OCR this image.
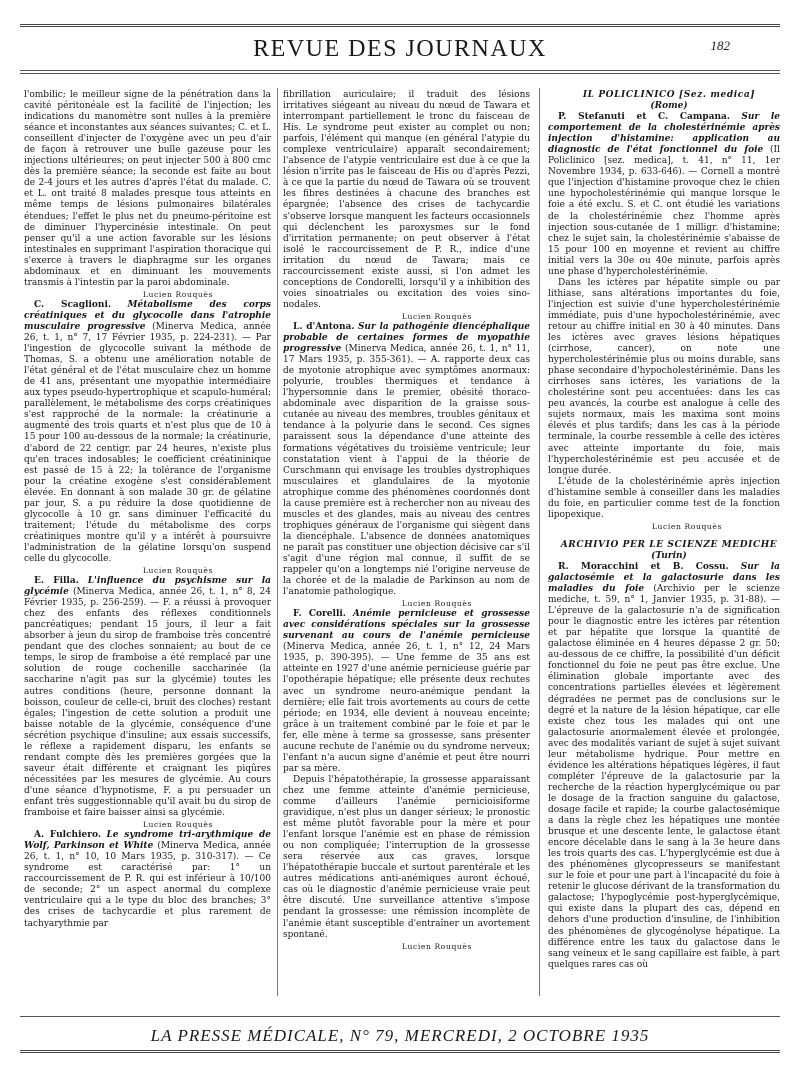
REVUE DES JOURNAUX	182

l'ombilic; le meilleur signe de la pénétration dans la cavité péritonéale est la facilité de l'injection; les indications du manomètre sont nulles à la première séance et inconstantes aux séances suivantes; C. et L. conseillent d'injecter de l'oxygène avec un peu d'air de façon à retrouver une bulle gazeuse pour les injections ultérieures; on peut injecter 500 à 800 cmc dès la première séance; la seconde est faite au bout de 2-4 jours et les autres d'après l'état du malade. C. et L. ont traité 8 malades presque tous atteints en même temps de lésions pulmonaires bilatérales étendues; l'effet le plus net du pneumo-péritoine est de diminuer l'hypercinésie intestinale. On peut penser qu'il a une action favorable sur les lésions intestinales en supprimant l'aspiration thoracique qui s'exerce à travers le diaphragme sur les organes abdominaux et en diminuant les mouvements transmis à l'intestin par la paroi abdominale.

Lucien Rouquès

C. Scaglioni. Métabolisme des corps créatiniques et du glycocolle dans l'atrophie musculaire progressive (Minerva Medica, année 26, t. 1, n° 7, 17 Février 1935, p. 224-231). — Par l'ingestion de glycocolle suivant la méthode de Thomas, S. a obtenu une amélioration notable de l'état général et de l'état musculaire chez un homme de 41 ans, présentant une myopathie intermédiaire aux types pseudo-hypertrophique et scapulo-huméral; parallèlement, le métabolisme des corps créatiniques s'est rapproché de la normale: la créatinurie a augmenté des trois quarts et n'est plus que de 10 à 15 pour 100 au-dessous de la normale; la créatinurie, d'abord de 22 centigr. par 24 heures, n'existe plus qu'en traces indosables; le coefficient créatininique est passé de 15 à 22; la tolérance de l'organisme pour la créatine exogène s'est considérablement élevée. En donnant à son malade 30 gr. de gélatine par jour, S. a pu réduire la dose quotidienne de glycocolle à 10 gr. sans diminuer l'efficacité du traitement; l'étude du métabolisme des corps créatiniques montre qu'il y a intérêt à poursuivre l'administration de la gélatine lorsqu'on suspend celle du glycocolle.

Lucien Rouquès

E. Filla. L'influence du psychisme sur la glycémie (Minerva Medica, année 26, t. 1, n° 8, 24 Février 1935, p. 256-259). — F. a réussi à provoquer chez des enfants des réflexes conditionnels pancréatiques; pendant 15 jours, il leur a fait absorber à jeun du sirop de framboise très concentré pendant que des cloches sonnaient; au bout de ce temps, le sirop de framboise a été remplacé par une solution de rouge cochenille saccharinée (la saccharine n'agit pas sur la glycémie) toutes les autres conditions (heure, personne donnant la boisson, couleur de celle-ci, bruit des cloches) restant égales; l'ingestion de cette solution a produit une baisse notable de la glycémie, conséquence d'une sécrétion psychique d'insuline; aux essais successifs, le réflexe a rapidement disparu, les enfants se rendant compte dès les premières gorgées que la saveur était différente et craignant les piqûres nécessitées par les mesures de glycémie. Au cours d'une séance d'hypnotisme, F. a pu persuader un enfant très suggestionnable qu'il avait bu du sirop de framboise et faire baisser ainsi sa glycémie.

Lucien Rouquès

A. Fulchiero. Le syndrome tri-arythmique de Wolf, Parkinson et White (Minerva Medica, année 26, t. 1, n° 10, 10 Mars 1935, p. 310-317). — Ce syndrome est caractérisé par: 1° un raccourcissement de P. R. qui est inférieur à 10/100 de seconde; 2° un aspect anormal du complexe ventriculaire qui a le type du bloc des branches; 3° des crises de tachycardie et plus rarement de tachyarythmie par

fibrillation auriculaire; il traduit des lésions irritatives siégeant au niveau du nœud de Tawara et interrompant partiellement le tronc du faisceau de His. Le syndrome peut exister au complet ou non; parfois, l'élément qui manque (en général l'atypie du complexe ventriculaire) apparaît secondairement; l'absence de l'atypie ventriculaire est due à ce que la lésion n'irrite pas le faisceau de His ou d'après Pezzi, à ce que la partie du nœud de Tawara où se trouvent les fibres destinées à chacune des branches est épargnée; l'absence des crises de tachycardie s'observe lorsque manquent les facteurs occasionnels qui déclenchent les paroxysmes sur le fond d'irritation permanente; on peut observer à l'état isolé le raccourcissement de P. R., indice d'une irritation du nœud de Tawara; mais ce raccourcissement existe aussi, si l'on admet les conceptions de Condorelli, lorsqu'il y a inhibition des voies sinoatriales ou excitation des voies sino-nodales.

Lucien Rouquès

L. d'Antona. Sur la pathogénie diencéphalique probable de certaines formes de myopathie progressive (Minerva Medica, année 26, t. 1, n° 11, 17 Mars 1935, p. 355-361). — A. rapporte deux cas de myotonie atrophique avec symptômes anormaux: polyurie, troubles thermiques et tendance à l'hypersomnie dans le premier, obésité thoraco-abdominale avec disparition de la graisse sous-cutanée au niveau des membres, troubles génitaux et tendance à la polyurie dans le second. Ces signes paraissent sous la dépendance d'une atteinte des formations végétatives du troisième ventricule; leur constatation vient à l'appui de la théorie de Curschmann qui envisage les troubles dystrophiques musculaires et glandulaires de la myotonie atrophique comme des phénomènes coordonnés dont la cause première est à rechercher non au niveau des muscles et des glandes, mais au niveau des centres trophiques généraux de l'organisme qui siègent dans la diencéphale. L'absence de données anatomiques ne paraît pas constituer une objection décisive car s'il s'agit d'une région mal connue, il suffit de se rappeler qu'on a longtemps nié l'origine nerveuse de la chorée et de la maladie de Parkinson au nom de l'anatomie pathologique.

Lucien Rouquès

F. Corelli. Anémie pernicieuse et grossesse avec considérations spéciales sur la grossesse survenant au cours de l'anémie pernicieuse (Minerva Medica, année 26, t. 1, n° 12, 24 Mars 1935, p. 390-395). — Une femme de 35 ans est atteinte en 1927 d'une anémie pernicieuse guérie par l'opothérapie hépatique; elle présente deux rechutes avec un syndrome neuro-anémique pendant la dernière; elle fait trois avortements au cours de cette période; en 1934, elle devient à nouveau enceinte; grâce à un traitement combiné par le foie et par le fer, elle mène à terme sa grossesse, sans présenter aucune rechute de l'anémie ou du syndrome nerveux; l'enfant n'a aucun signe d'anémie et peut être nourri par sa mère.

Depuis l'hépatothérapie, la grossesse apparaissant chez une femme atteinte d'anémie pernicieuse, comme d'ailleurs l'anémie pernicioisiforme gravidique, n'est plus un danger sérieux; le pronostic est même plutôt favorable pour la mère et pour l'enfant lorsque l'anémie est en phase de rémission ou non compliquée; l'interruption de la grossesse sera réservée aux cas graves, lorsque l'hépatothérapie buccale et surtout parentérale et les autres médications anti-anémiques auront échoué, cas où le diagnostic d'anémie pernicieuse vraie peut être discuté. Une surveillance attentive s'impose pendant la grossesse: une rémission incomplète de l'anémie étant susceptible d'entraîner un avortement spontané.

Lucien Rouquès

IL POLICLINICO [Sez. medica]

(Rome)

P. Stefanuti et C. Campana. Sur le comportement de la cholestérinémie après injection d'histamine: application au diagnostic de l'état fonctionnel du foie (Il Policlinico [sez. medica], t. 41, n° 11, 1er Novembre 1934, p. 633-646). — Cornell a montré que l'injection d'histamine provoque chez le chien une hypocholestérinémie qui manque lorsque le foie a été exclu. S. et C. ont étudié les variations de la cholestérinémie chez l'homme après injection sous-cutanée de 1 milligr. d'histamine; chez le sujet sain, la cholestérinémie s'abaisse de 15 pour 100 en moyenne et revient au chiffre initial vers la 30e ou 40e minute, parfois après une phase d'hypercholestérinémie.

Dans les ictères par hépatite simple ou par lithiase, sans altérations importantes du foie, l'injection est suivie d'une hypercholestérinémie immédiate, puis d'une hypocholestérinémie, avec retour au chiffre initial en 30 à 40 minutes. Dans les ictères avec graves lésions hépatiques (cirrhose, cancer), on note une hypercholestérinémie plus ou moins durable, sans phase secondaire d'hypocholestérinémie. Dans les cirrhoses sans ictères, les variations de la cholestérine sont peu accentuées: dans les cas peu avancés, la courbe est analogue à celle des sujets normaux, mais les maxima sont moins élevés et plus tardifs; dans les cas à la période terminale, la courbe ressemble à celle des ictères avec atteinte importante du foie, mais l'hypercholestérinémie est peu accusée et de longue durée.

L'étude de la cholestérinémie après injection d'histamine semble à conseiller dans les maladies du foie, en particulier comme test de la fonction lipopexique.

Lucien Rouquès

ARCHIVIO PER LE SCIENZE MEDICHE

(Turin)

R. Moracchini et B. Cossu. Sur la galactosémie et la galactosurie dans les maladies du foie (Archivio per le scienze mediche, t. 59, n° 1, Janvier 1935, p. 31-88). — L'épreuve de la galactosurie n'a de signification pour le diagnostic entre les ictères par rétention et par hépatite que lorsque la quantité de galactose éliminée en 4 heures dépasse 2 gr. 50; au-dessous de ce chiffre, la possibilité d'un déficit fonctionnel du foie ne peut pas être exclue. Une élimination globale importante avec des concentrations partielles élevées et légèrement dégradées ne permet pas de conclusions sur le degré et la nature de la lésion hépatique, car elle existe chez tous les malades qui ont une galactosurie anormalement élevée et prolongée, avec des modalités variant de sujet à sujet suivant leur métabolisme hydrique. Pour mettre en évidence les altérations hépatiques légères, il faut compléter l'épreuve de la galactosurie par la recherche de la réaction hyperglycémique ou par le dosage de la fraction sanguine du galactose, dosage facile et rapide; la courbe galactosémique a dans la règle chez les hépatiques une montée brusque et une descente lente, le galactose étant encore décelable dans le sang à la 3e heure dans les trois quarts des cas. L'hyperglycémie est due à des phénomènes glycopresseurs se manifestant sur le foie et pour une part à l'incapacité du foie à retenir le glucose dérivant de la transformation du galactose; l'hypoglycémie post-hyperglycémique, qui existe dans la plupart des cas, dépend en dehors d'une production d'insuline, de l'inhibition des phénomènes de glycogénolyse hépatique. La différence entre les taux du galactose dans le sang veineux et le sang capillaire est faible, à part quelques rares cas où

LA PRESSE MÉDICALE, N° 79, MERCREDI, 2 OCTOBRE 1935
